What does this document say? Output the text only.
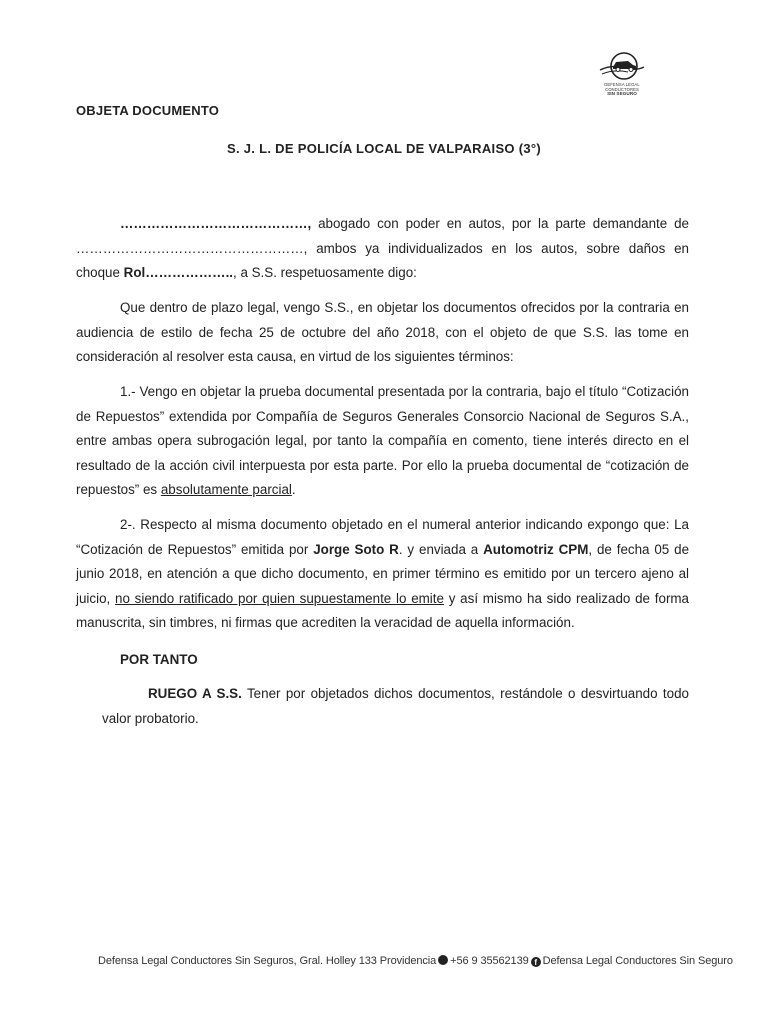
DEFENSA LEGAL
CONDUCTORES
SIN SEGURO
OBJETA DOCUMENTO
S. J. L. DE POLICÍA LOCAL DE VALPARAISO (3°)

……………………………………, abogado con poder en autos, por la parte demandante de ……………………………………………, ambos ya individualizados en los autos, sobre daños en choque Rol……………….., a S.S. respetuosamente digo:

Que dentro de plazo legal, vengo S.S., en objetar los documentos ofrecidos por la contraria en audiencia de estilo de fecha 25 de octubre del año 2018, con el objeto de que S.S. las tome en consideración al resolver esta causa, en virtud de los siguientes términos:

1.- Vengo en objetar la prueba documental presentada por la contraria, bajo el título “Cotización de Repuestos” extendida por Compañía de Seguros Generales Consorcio Nacional de Seguros S.A., entre ambas opera subrogación legal, por tanto la compañía en comento, tiene interés directo en el resultado de la acción civil interpuesta por esta parte. Por ello la prueba documental de “cotización de repuestos” es absolutamente parcial.

2-. Respecto al misma documento objetado en el numeral anterior indicando expongo que: La “Cotización de Repuestos” emitida por Jorge Soto R. y enviada a Automotriz CPM, de fecha 05 de junio 2018, en atención a que dicho documento, en primer término es emitido por un tercero ajeno al juicio, no siendo ratificado por quien supuestamente lo emite y así mismo ha sido realizado de forma manuscrita, sin timbres, ni firmas que acrediten la veracidad de aquella información.

POR TANTO

RUEGO A S.S. Tener por objetados dichos documentos, restándole o desvirtuando todo valor probatorio.

Defensa Legal Conductores Sin Seguros, Gral. Holley 133 Providencia +56 9 35562139 f Defensa Legal Conductores Sin Seguro
